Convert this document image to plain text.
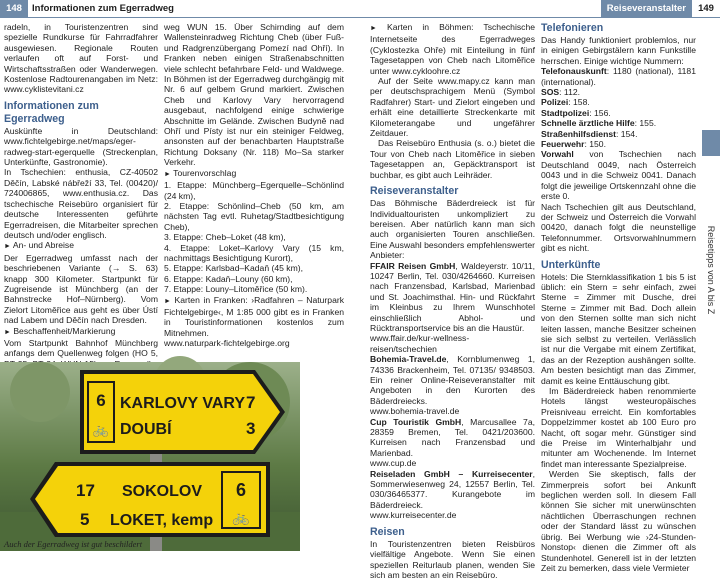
148	Informationen zum Egerradweg

radeln, in Touristenzentren sind spezielle Rundkurse für Fahrradfahrer ausgewiesen. Regionale Routen verlaufen oft auf Forst- und Wirtschaftsstraßen oder Wanderwegen. Kostenlose Radtourenangaben im Netz: www.cyklistevitani.cz

Informationen zum Egerradweg

Auskünfte in Deutschland: www.fichtelgebirge.net/maps/eger-radweg-start-egerquelle (Streckenplan, Unterkünfte, Gastronomie).

In Tschechien: enthusia, CZ-40502 Děčín, Labské nábřeží 33, Tel. (00420)/ 724006865, www.enthusia.cz. Das tschechische Reisebüro organisiert für deutsche Interessenten geführte Egerradreisen, die Mitarbeiter sprechen deutsch und/oder englisch.

► An- und Abreise

Der Egerradweg umfasst nach der beschriebenen Variante (→ S. 63) knapp 300 Kilometer. Startpunkt für Zugreisende ist Münchberg (an der Bahnstrecke Hof–Nürnberg). Vom Zielort Litoměřice aus geht es über Ústí nad Labem und Děčín nach Dresden.

► Beschaffenheit/Markierung

Vom Startpunkt Bahnhof Münchberg anfangs dem Quellenweg folgen (HO 5,

weg WUN 15. Über Schirnding auf dem Wallensteinradweg Richtung Cheb (über Fuß- und Radgrenzübergang Pomezí nad Ohří). In Franken neben einigen Straßenabschnitten viele schlecht befahrbare Feld- und Waldwege. In Böhmen ist der Egerradweg durchgängig mit Nr. 6 auf gelbem Grund markiert. Zwischen Cheb und Karlovy Vary hervorragend ausgebaut, nachfolgend einige schwierige Abschnitte im Gelände. Zwischen Budyně nad Ohří und Písty ist nur ein steiniger Feldweg, ansonsten auf der benachbarten Hauptstraße Richtung Doksany (Nr. 118) Mo–Sa starker Verkehr.

► Tourenvorschlag

1. Etappe: Münchberg–Egerquelle–Schönlind (24 km),

2. Etappe: Schönlind–Cheb (50 km, am nächsten Tag evtl. Ruhetag/Stadtbesichtigung Cheb),

3. Etappe: Cheb–Loket (48 km),

4. Etappe: Loket–Karlovy Vary (15 km, nachmittags Besichtigung Kurort),

5. Etappe: Karlsbad–Kadaň (45 km),

6. Etappe: Kadaň–Louny (60 km),

7. Etappe: Louny–Litoměřice (50 km).

► Karten in Franken: ›Radfahren – Naturpark Fichtelgebirge‹, M 1:85 000 gibt es in Franken in Touristinformationen kostenlos zum Mitnehmen.

www.naturpark-fichtelgebirge.org

6
🚲
KARLOVY VARY
DOUBÍ
7
3
17
5
SOKOLOV
LOKET, kemp
6
🚲
Auch der Egerradweg ist gut beschildert
Reiseveranstalter	149

► Karten in Böhmen: Tschechische Internetseite des Egerradweges (Cyklostezka Ohře) mit Einteilung in fünf Tagesetappen von Cheb nach Litoměřice unter www.cykloohre.cz

Auf der Seite www.mapy.cz kann man per deutschsprachigem Menü (Symbol Radfahrer) Start- und Zielort eingeben und erhält eine detaillierte Streckenkarte mit Kilometerangabe und ungefährer Zeitdauer.

Das Reisebüro Enthusia (s. o.) bietet die Tour von Cheb nach Litoměřice in sieben Tagesetappen an, Gepäcktransport ist buchbar, es gibt auch Leihräder.

Reiseveranstalter

Das Böhmische Bäderdreieck ist für Individualtouristen unkompliziert zu bereisen. Aber natürlich kann man sich auch organisierten Touren anschließen. Eine Auswahl besonders empfehlenswerter Anbieter:

FFAIR Reisen GmbH, Waldeyerstr. 10/11, 10247 Berlin, Tel. 030/4264660. Kurreisen nach Franzensbad, Karlsbad, Marienbad und St. Joachimsthal. Hin- und Rückfahrt im Kleinbus zu Ihrem Wunschhotel einschließlich Abhol- und Rücktransportservice bis an die Haustür.

www.ffair.de/kur-wellness-reisen/tschechien

Bohemia-Travel.de, Kornblumenweg 1, 74336 Brackenheim, Tel. 07135/ 9348503. Ein reiner Online-Reiseveranstalter mit Angeboten in den Kurorten des Bäderdreiecks.

www.bohemia-travel.de

Cup Touristik GmbH, Marcusallee 7a, 28359 Bremen, Tel. 0421/203600. Kurreisen nach Franzensbad und Marienbad.

www.cup.de

Reiseladen GmbH – Kurreisecenter, Sommerwiesenweg 24, 12557 Berlin, Tel. 030/36465377. Kurangebote im Bäderdreieck.

www.kurreisecenter.de

Reisen

In Touristenzentren bieten Reisbüros vielfältige Angebote. Wenn Sie einen speziellen Reiturlaub planen, wenden Sie sich am besten an ein Reisebüro.

Telefonieren

Das Handy funktioniert problemlos, nur in einigen Gebirgstälern kann Funkstille herrschen. Einige wichtige Nummern:

Telefonauskunft: 1180 (national), 1181 (international).

SOS: 112.

Polizei: 158.

Stadtpolizei: 156.

Schnelle ärztliche Hilfe: 155.

Straßenhilfsdienst: 154.

Feuerwehr: 150.

Vorwahl von Tschechien nach Deutschland 0049, nach Österreich 0043 und in die Schweiz 0041. Danach folgt die jeweilige Ortskennzahl ohne die erste 0.

Nach Tschechien gilt aus Deutschland, der Schweiz und Österreich die Vorwahl 00420, danach folgt die neunstellige Telefonnummer. Ortsvorwahlnummern gibt es nicht.

Unterkünfte

Hotels: Die Sternklassifikation 1 bis 5 ist üblich: ein Stern = sehr einfach, zwei Sterne = Zimmer mit Dusche, drei Sterne = Zimmer mit Bad. Doch allein von den Sternen sollte man sich nicht leiten lassen, manche Besitzer scheinen sie sich selbst zu verteilen. Verlässlich ist nur die Vergabe mit einem Zertifikat, das an der Rezeption aushängen sollte. Am besten besichtigt man das Zimmer, damit es keine Enttäuschung gibt.

Im Bäderdreieck haben renommierte Hotels längst westeuropäisches Preisniveau erreicht. Ein komfortables Doppelzimmer kostet ab 100 Euro pro Nacht, oft sogar mehr. Günstiger sind die Preise im Winterhalbjahr und mitunter am Wochenende. Im Internet findet man interessante Spezialpreise.

Werden Sie skeptisch, falls der Zimmerpreis sofort bei Ankunft beglichen werden soll. In diesem Fall können Sie sicher mit unerwünschten nächtlichen Überraschungen rechnen oder der Standard lässt zu wünschen übrig. Bei Werbung wie ›24-Stunden-Nonstop‹ dienen die Zimmer oft als Stundenhotel. Generell ist in der letzten Zeit zu bemerken, dass viele Vermieter

Reisetipps von A bis Z
